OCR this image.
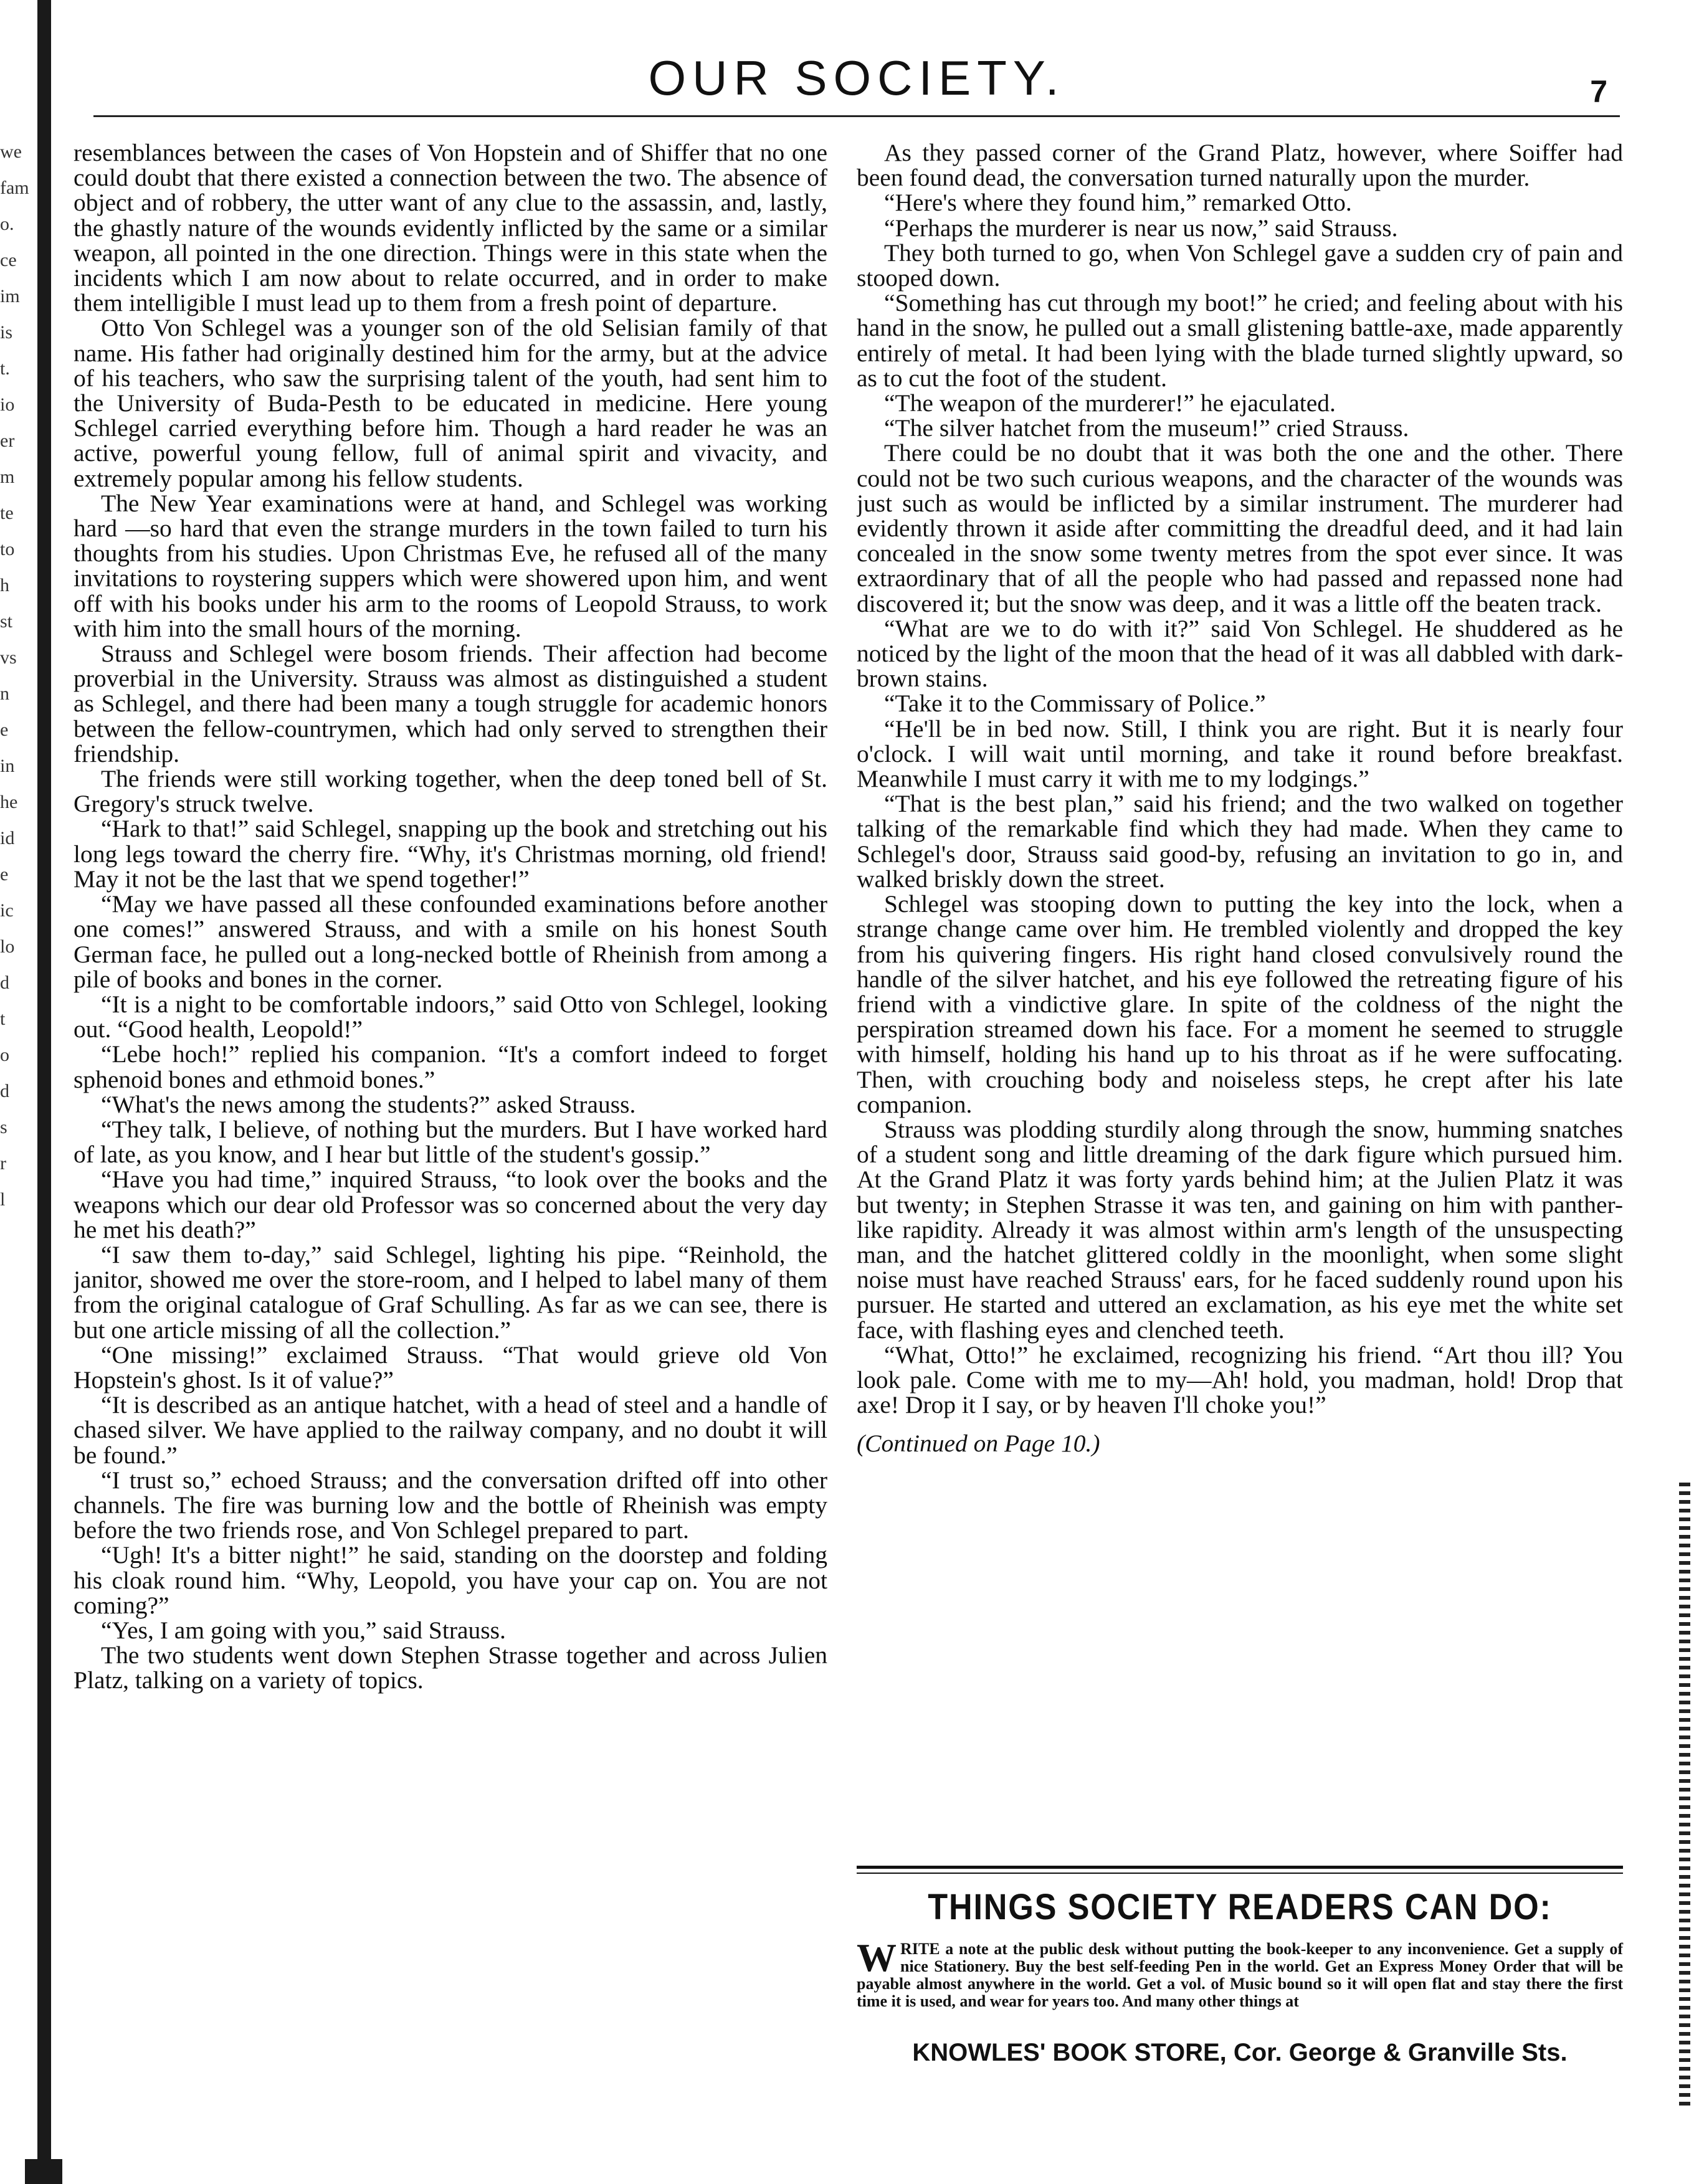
we
fam
o.
ce
im
is
t.
io
er
m
te
to
h
st
vs
n
e
in
he
id
e
ic
lo
d
t
o
d
s
r
l
OUR SOCIETY.	7

resemblances between the cases of Von Hopstein and of Shiffer that no one could doubt that there existed a connection between the two. The absence of object and of robbery, the utter want of any clue to the assassin, and, lastly, the ghastly nature of the wounds evidently inflicted by the same or a similar weapon, all pointed in the one direction. Things were in this state when the incidents which I am now about to relate occurred, and in order to make them intelligible I must lead up to them from a fresh point of departure.

Otto Von Schlegel was a younger son of the old Selisian family of that name. His father had originally destined him for the army, but at the advice of his teachers, who saw the surprising talent of the youth, had sent him to the University of Buda-Pesth to be educated in medicine. Here young Schlegel carried everything before him. Though a hard reader he was an active, powerful young fellow, full of animal spirit and vivacity, and extremely popular among his fellow students.

The New Year examinations were at hand, and Schlegel was working hard —so hard that even the strange murders in the town failed to turn his thoughts from his studies. Upon Christmas Eve, he refused all of the many invitations to roystering suppers which were showered upon him, and went off with his books under his arm to the rooms of Leopold Strauss, to work with him into the small hours of the morning.

Strauss and Schlegel were bosom friends. Their affection had become proverbial in the University. Strauss was almost as distinguished a student as Schlegel, and there had been many a tough struggle for academic honors between the fellow-countrymen, which had only served to strengthen their friendship.

The friends were still working together, when the deep toned bell of St. Gregory's struck twelve.

“Hark to that!” said Schlegel, snapping up the book and stretching out his long legs toward the cherry fire. “Why, it's Christmas morning, old friend! May it not be the last that we spend together!”

“May we have passed all these confounded examinations before another one comes!” answered Strauss, and with a smile on his honest South German face, he pulled out a long-necked bottle of Rheinish from among a pile of books and bones in the corner.

“It is a night to be comfortable indoors,” said Otto von Schlegel, looking out. “Good health, Leopold!”

“Lebe hoch!” replied his companion. “It's a comfort indeed to forget sphenoid bones and ethmoid bones.”

“What's the news among the students?” asked Strauss.

“They talk, I believe, of nothing but the murders. But I have worked hard of late, as you know, and I hear but little of the student's gossip.”

“Have you had time,” inquired Strauss, “to look over the books and the weapons which our dear old Professor was so concerned about the very day he met his death?”

“I saw them to-day,” said Schlegel, lighting his pipe. “Reinhold, the janitor, showed me over the store-room, and I helped to label many of them from the original catalogue of Graf Schulling. As far as we can see, there is but one article missing of all the collection.”

“One missing!” exclaimed Strauss. “That would grieve old Von Hopstein's ghost. Is it of value?”

“It is described as an antique hatchet, with a head of steel and a handle of chased silver. We have applied to the railway company, and no doubt it will be found.”

“I trust so,” echoed Strauss; and the conversation drifted off into other channels. The fire was burning low and the bottle of Rheinish was empty before the two friends rose, and Von Schlegel prepared to part.

“Ugh! It's a bitter night!” he said, standing on the doorstep and folding his cloak round him. “Why, Leopold, you have your cap on. You are not coming?”

“Yes, I am going with you,” said Strauss.

The two students went down Stephen Strasse together and across Julien Platz, talking on a variety of topics.

As they passed corner of the Grand Platz, however, where Soiffer had been found dead, the conversation turned naturally upon the murder.

“Here's where they found him,” remarked Otto.

“Perhaps the murderer is near us now,” said Strauss.

They both turned to go, when Von Schlegel gave a sudden cry of pain and stooped down.

“Something has cut through my boot!” he cried; and feeling about with his hand in the snow, he pulled out a small glistening battle-axe, made apparently entirely of metal. It had been lying with the blade turned slightly upward, so as to cut the foot of the student.

“The weapon of the murderer!” he ejaculated.

“The silver hatchet from the museum!” cried Strauss.

There could be no doubt that it was both the one and the other. There could not be two such curious weapons, and the character of the wounds was just such as would be inflicted by a similar instrument. The murderer had evidently thrown it aside after committing the dreadful deed, and it had lain concealed in the snow some twenty metres from the spot ever since. It was extraordinary that of all the people who had passed and repassed none had discovered it; but the snow was deep, and it was a little off the beaten track.

“What are we to do with it?” said Von Schlegel. He shuddered as he noticed by the light of the moon that the head of it was all dabbled with dark-brown stains.

“Take it to the Commissary of Police.”

“He'll be in bed now. Still, I think you are right. But it is nearly four o'clock. I will wait until morning, and take it round before breakfast. Meanwhile I must carry it with me to my lodgings.”

“That is the best plan,” said his friend; and the two walked on together talking of the remarkable find which they had made. When they came to Schlegel's door, Strauss said good-by, refusing an invitation to go in, and walked briskly down the street.

Schlegel was stooping down to putting the key into the lock, when a strange change came over him. He trembled violently and dropped the key from his quivering fingers. His right hand closed convulsively round the handle of the silver hatchet, and his eye followed the retreating figure of his friend with a vindictive glare. In spite of the coldness of the night the perspiration streamed down his face. For a moment he seemed to struggle with himself, holding his hand up to his throat as if he were suffocating. Then, with crouching body and noiseless steps, he crept after his late companion.

Strauss was plodding sturdily along through the snow, humming snatches of a student song and little dreaming of the dark figure which pursued him. At the Grand Platz it was forty yards behind him; at the Julien Platz it was but twenty; in Stephen Strasse it was ten, and gaining on him with panther-like rapidity. Already it was almost within arm's length of the unsuspecting man, and the hatchet glittered coldly in the moonlight, when some slight noise must have reached Strauss' ears, for he faced suddenly round upon his pursuer. He started and uttered an exclamation, as his eye met the white set face, with flashing eyes and clenched teeth.

“What, Otto!” he exclaimed, recognizing his friend. “Art thou ill? You look pale. Come with me to my—Ah! hold, you madman, hold! Drop that axe! Drop it I say, or by heaven I'll choke you!”

(Continued on Page 10.)

THINGS SOCIETY READERS CAN DO:
WRITE a note at the public desk without putting the book-keeper to any inconvenience. Get a supply of nice Stationery. Buy the best self-feeding Pen in the world. Get an Express Money Order that will be payable almost anywhere in the world. Get a vol. of Music bound so it will open flat and stay there the first time it is used, and wear for years too. And many other things at
KNOWLES' BOOK STORE, Cor. George & Granville Sts.
